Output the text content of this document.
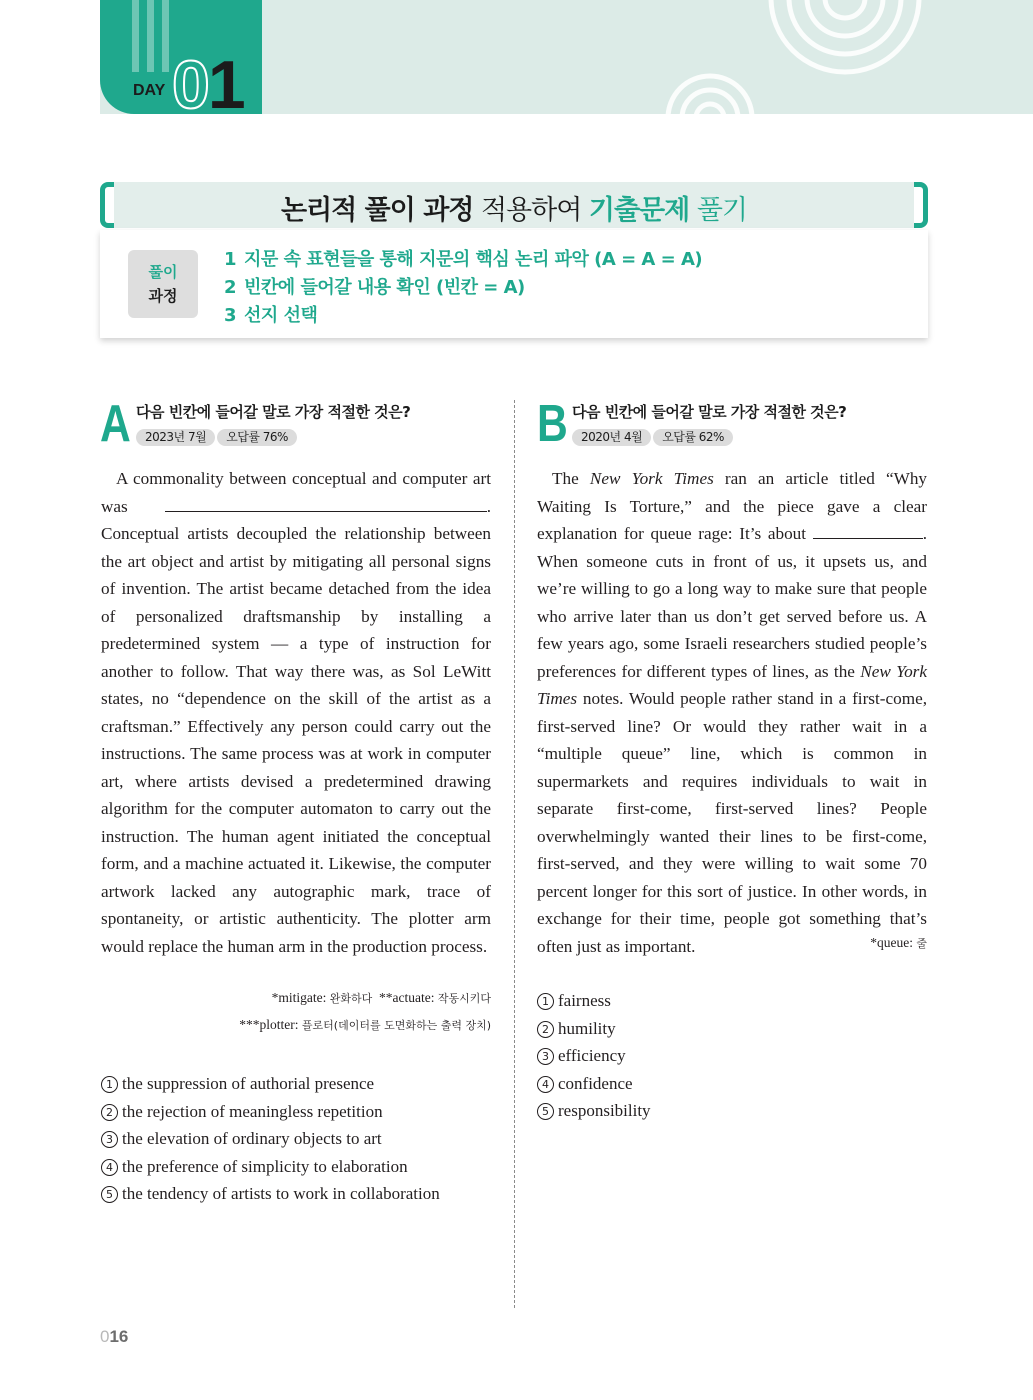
DAY 01
논리적 풀이 과정 적용하여 기출문제 풀기
풀이
과정
1 지문 속 표현들을 통해 지문의 핵심 논리 파악 (A = A = A)
2 빈칸에 들어갈 내용 확인 (빈칸 = A)
3 선지 선택
A 다음 빈칸에 들어갈 말로 가장 적절한 것은?
2023년 7월 오답률 76%

A commonality between conceptual and computer art was	. Conceptual artists decoupled the relationship between the art object and artist by mitigating all personal signs of invention. The artist became detached from the idea of personalized draftsmanship by installing a predetermined system — a type of instruction for another to follow. That way there was, as Sol LeWitt states, no “dependence on the skill of the artist as a craftsman.” Effectively any person could carry out the instructions. The same process was at work in computer art, where artists devised a predetermined drawing algorithm for the computer automaton to carry out the instruction. The human agent initiated the conceptual form, and a machine actuated it. Likewise, the computer artwork lacked any autographic mark, trace of spontaneity, or artistic authenticity. The plotter arm would replace the human arm in the production process.

*mitigate: 완화하다 **actuate: 작동시키다
***plotter: 플로터(데이터를 도면화하는 출력 장치)
1 the suppression of authorial presence
2 the rejection of meaningless repetition
3 the elevation of ordinary objects to art
4 the preference of simplicity to elaboration
5 the tendency of artists to work in collaboration
B 다음 빈칸에 들어갈 말로 가장 적절한 것은?
2020년 4월 오답률 62%

The New York Times ran an article titled “Why Waiting Is Torture,” and the piece gave a clear explanation for queue rage: It’s about	. When someone cuts in front of us, it upsets us, and we’re willing to go a long way to make sure that people who arrive later than us don’t get served before us. A few years ago, some Israeli researchers studied people’s preferences for different types of lines, as the New York Times notes. Would people rather stand in a first-come, first-served line? Or would they rather wait in a “multiple queue” line, which is common in supermarkets and requires individuals to wait in separate first-come, first-served lines? People overwhelmingly wanted their lines to be first-come, first-served, and they were willing to wait some 70 percent longer for this sort of justice. In other words, in exchange for their time, people got something that’s often just as important.	*queue: 줄
1 fairness
2 humility
3 efficiency
4 confidence
5 responsibility
016
